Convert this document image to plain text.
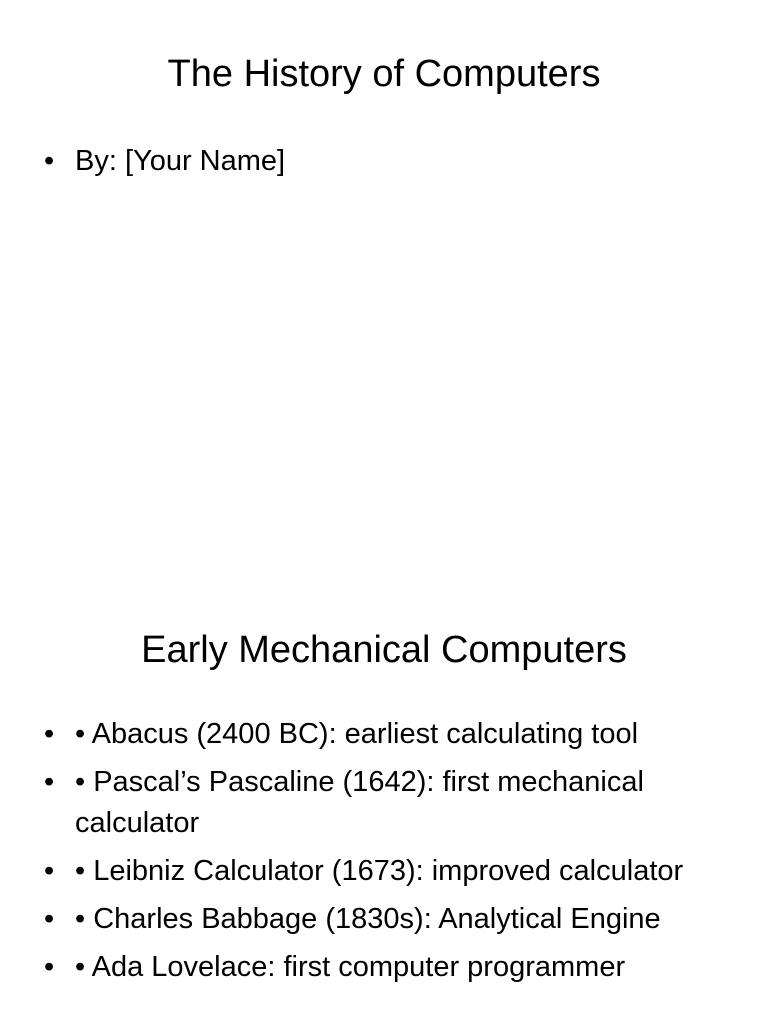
The History of Computers
• By: [Your Name]
Early Mechanical Computers
• • Abacus (2400 BC): earliest calculating tool
• • Pascal’s Pascaline (1642): first mechanical calculator
• • Leibniz Calculator (1673): improved calculator
• • Charles Babbage (1830s): Analytical Engine
• • Ada Lovelace: first computer programmer
